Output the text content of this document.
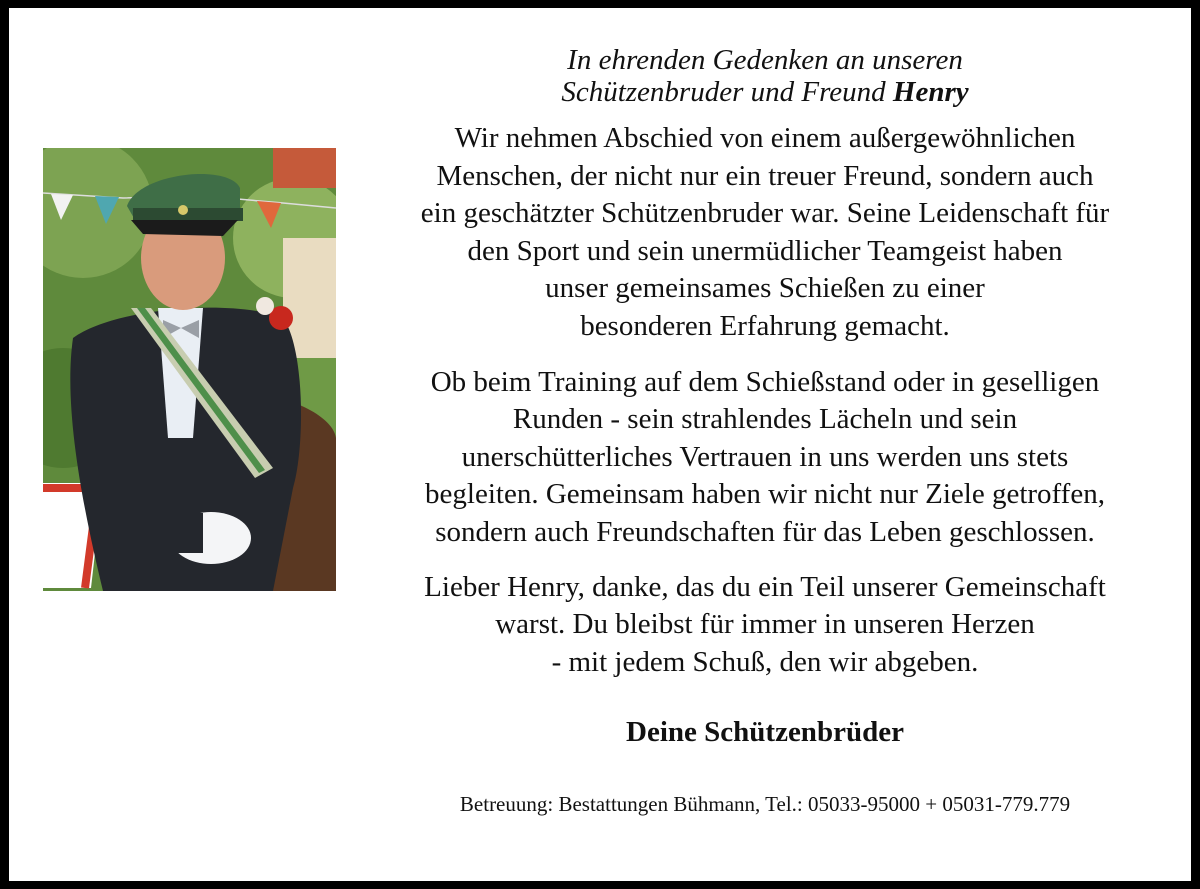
In ehrenden Gedenken an unseren
Schützenbruder und Freund Henry
Wir nehmen Abschied von einem außergewöhnlichen
Menschen, der nicht nur ein treuer Freund, sondern auch
ein geschätzter Schützenbruder war. Seine Leidenschaft für
den Sport und sein unermüdlicher Teamgeist haben
unser gemeinsames Schießen zu einer
besonderen Erfahrung gemacht.
Ob beim Training auf dem Schießstand oder in geselligen
Runden - sein strahlendes Lächeln und sein
unerschütterliches Vertrauen in uns werden uns stets
begleiten. Gemeinsam haben wir nicht nur Ziele getroffen,
sondern auch Freundschaften für das Leben geschlossen.
Lieber Henry, danke, das du ein Teil unserer Gemeinschaft
warst. Du bleibst für immer in unseren Herzen
- mit jedem Schuß, den wir abgeben.
Deine Schützenbrüder
Betreuung: Bestattungen Bühmann, Tel.: 05033-95000 + 05031-779.779
